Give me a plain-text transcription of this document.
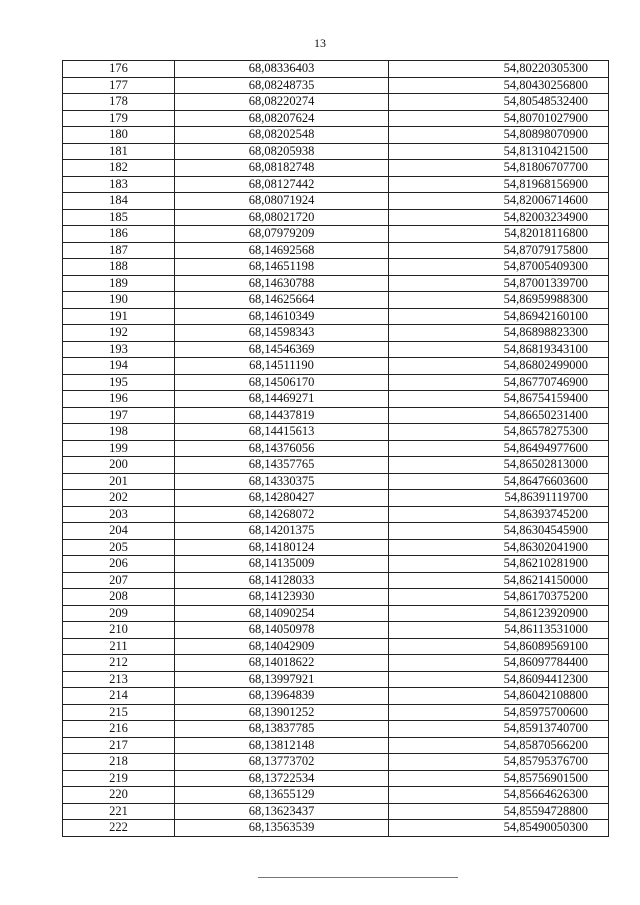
13
176	68,08336403	54,80220305300
177	68,08248735	54,80430256800
178	68,08220274	54,80548532400
179	68,08207624	54,80701027900
180	68,08202548	54,80898070900
181	68,08205938	54,81310421500
182	68,08182748	54,81806707700
183	68,08127442	54,81968156900
184	68,08071924	54,82006714600
185	68,08021720	54,82003234900
186	68,07979209	54,82018116800
187	68,14692568	54,87079175800
188	68,14651198	54,87005409300
189	68,14630788	54,87001339700
190	68,14625664	54,86959988300
191	68,14610349	54,86942160100
192	68,14598343	54,86898823300
193	68,14546369	54,86819343100
194	68,14511190	54,86802499000
195	68,14506170	54,86770746900
196	68,14469271	54,86754159400
197	68,14437819	54,86650231400
198	68,14415613	54,86578275300
199	68,14376056	54,86494977600
200	68,14357765	54,86502813000
201	68,14330375	54,86476603600
202	68,14280427	54,86391119700
203	68,14268072	54,86393745200
204	68,14201375	54,86304545900
205	68,14180124	54,86302041900
206	68,14135009	54,86210281900
207	68,14128033	54,86214150000
208	68,14123930	54,86170375200
209	68,14090254	54,86123920900
210	68,14050978	54,86113531000
211	68,14042909	54,86089569100
212	68,14018622	54,86097784400
213	68,13997921	54,86094412300
214	68,13964839	54,86042108800
215	68,13901252	54,85975700600
216	68,13837785	54,85913740700
217	68,13812148	54,85870566200
218	68,13773702	54,85795376700
219	68,13722534	54,85756901500
220	68,13655129	54,85664626300
221	68,13623437	54,85594728800
222	68,13563539	54,85490050300
